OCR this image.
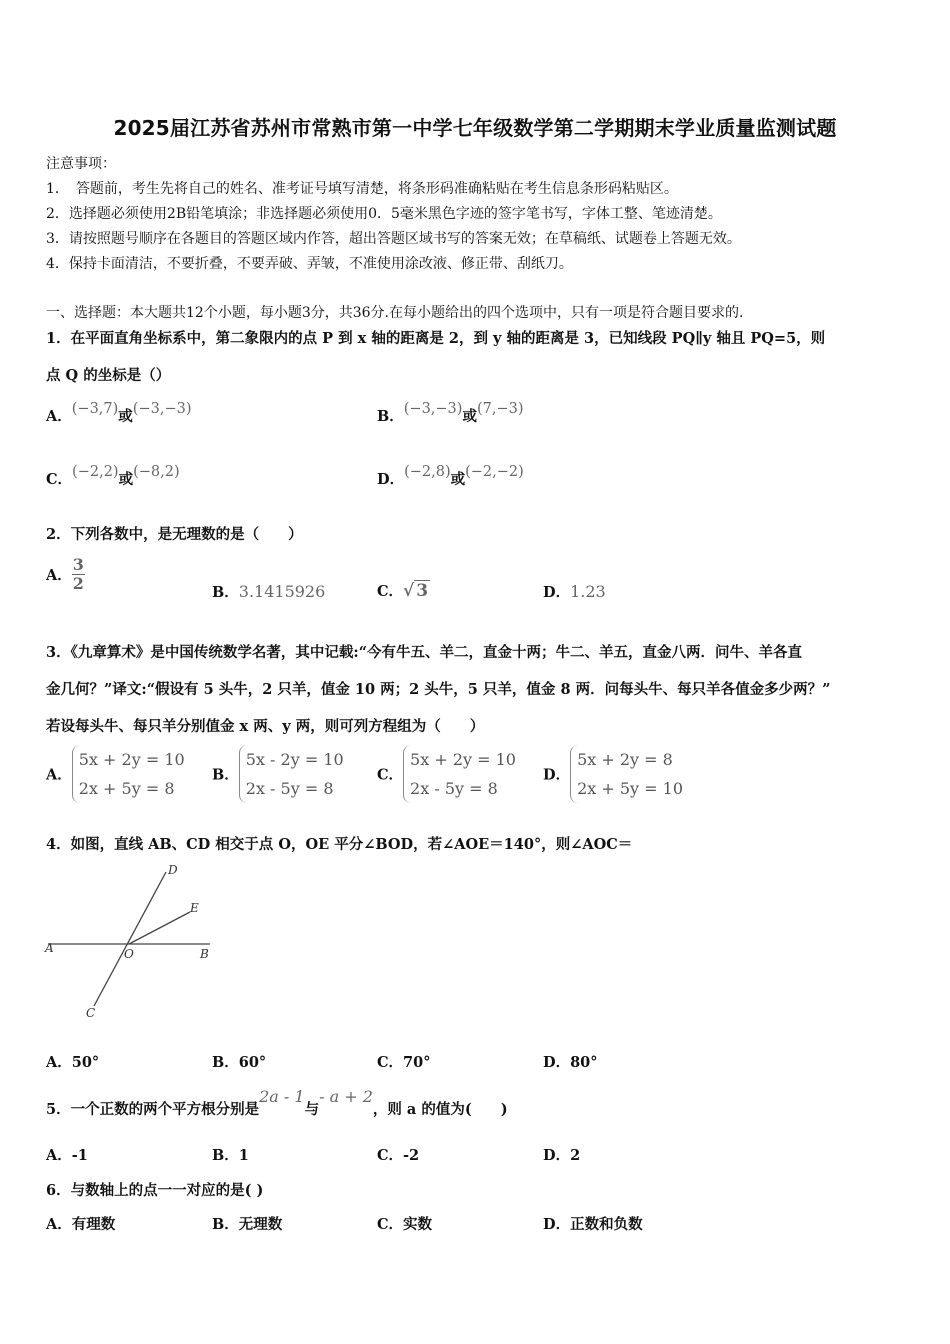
2025届江苏省苏州市常熟市第一中学七年级数学第二学期期末学业质量监测试题
注意事项：
1．　答题前，考生先将自己的姓名、准考证号填写清楚，将条形码准确粘贴在考生信息条形码粘贴区。
2．选择题必须使用2B铅笔填涂；非选择题必须使用0．5毫米黑色字迹的签字笔书写，字体工整、笔迹清楚。
3．请按照题号顺序在各题目的答题区域内作答，超出答题区域书写的答案无效；在草稿纸、试题卷上答题无效。
4．保持卡面清洁，不要折叠，不要弄破、弄皱，不准使用涂改液、修正带、刮纸刀。
一、选择题：本大题共12个小题，每小题3分，共36分.在每小题给出的四个选项中，只有一项是符合题目要求的.
1．在平面直角坐标系中，第二象限内的点 P 到 x 轴的距离是 2，到 y 轴的距离是 3，已知线段 PQ∥y 轴且 PQ=5，则
点 Q 的坐标是（）
A．(−3,7)或(−3,−3)	B．(−3,−3)或(7,−3)
C．(−2,2)或(−8,2)	D．(−2,8)或(−2,−2)
2．下列各数中，是无理数的是（　　）
A． $\frac{3}{2}$	B．3.1415926	C．√ 3	D．1.23
3．《九章算术》是中国传统数学名著，其中记载:“今有牛五、羊二，直金十两；牛二、羊五，直金八两．问牛、羊各直
金几何？”译文:“假设有 5 头牛，2 只羊，值金 10 两；2 头牛，5 只羊，值金 8 两．问每头牛、每只羊各值金多少两？”
若设每头牛、每只羊分别值金 x 两、y 两，则可列方程组为（　　）
A．
5x + 2y = 10
2x + 5y = 8
B．
5x - 2y = 10
2x - 5y = 8
C．
5x + 2y = 10
2x - 5y = 8
D．
5x + 2y = 8
2x + 5y = 10
4．如图，直线 AB、CD 相交于点 O，OE 平分∠BOD，若∠AOE＝140°，则∠AOC＝
D
E
A	O	B
C
A．50°	B．60°	C．70°	D．80°
5．一个正数的两个平方根分别是2a - 1与- a + 2，则 a 的值为(　　)
A．-1	B．1	C．-2	D．2
6．与数轴上的点一一对应的是( )
A．有理数	B．无理数	C．实数	D．正数和负数
